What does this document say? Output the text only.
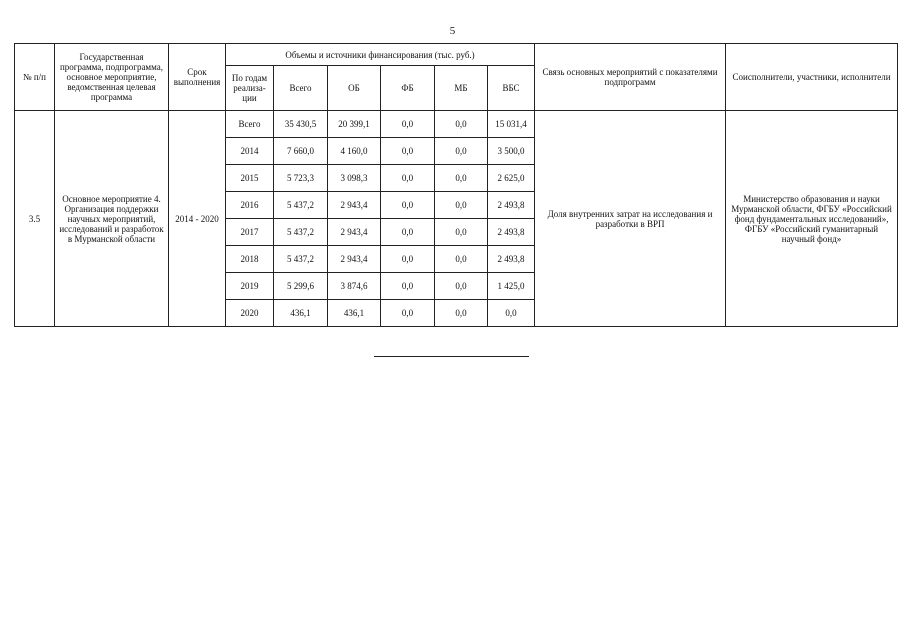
5
№ п/п	Государственная программа, подпрограмма, основное мероприятие, ведомственная целевая программа	Срок выполнения	Объемы и источники финансирования (тыс. руб.)						Связь основных мероприятий с показателями подпрограмм	Соисполнители, участники, исполнители
			По годам реализа-ции	Всего	ОБ	ФБ	МБ	ВБС		
3.5	Основное мероприятие 4. Организация поддержки научных мероприятий, исследований и разработок в Мурманской области	2014 - 2020	Всего	35 430,5	20 399,1	0,0	0,0	15 031,4	Доля внутренних затрат на исследования и разработки в ВРП	Министерство образования и науки Мурманской области, ФГБУ «Российский фонд фундаментальных исследований», ФГБУ «Российский гуманитарный научный фонд»
			2014	7 660,0	4 160,0	0,0	0,0	3 500,0		
			2015	5 723,3	3 098,3	0,0	0,0	2 625,0		
			2016	5 437,2	2 943,4	0,0	0,0	2 493,8		
			2017	5 437,2	2 943,4	0,0	0,0	2 493,8		
			2018	5 437,2	2 943,4	0,0	0,0	2 493,8		
			2019	5 299,6	3 874,6	0,0	0,0	1 425,0		
			2020	436,1	436,1	0,0	0,0	0,0		
